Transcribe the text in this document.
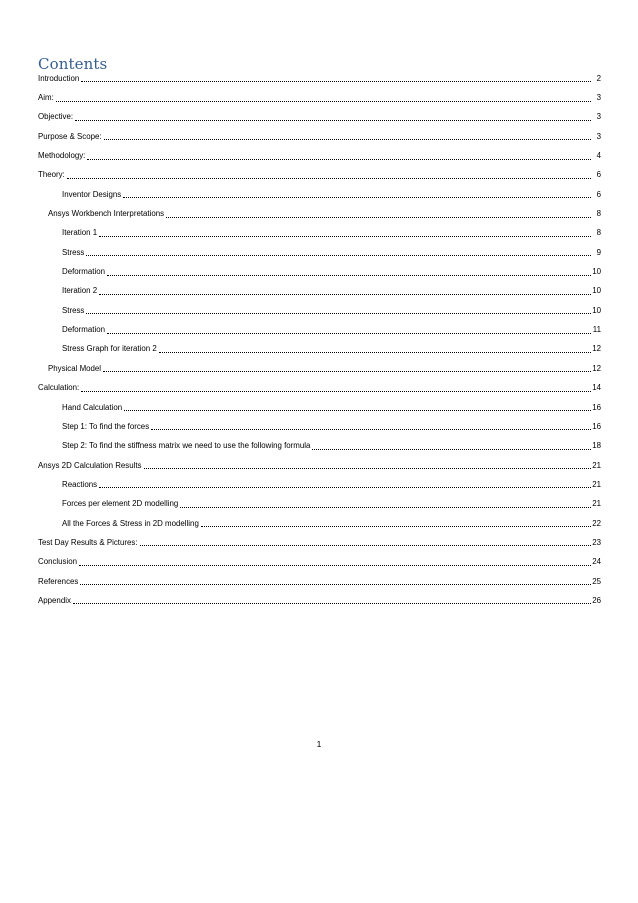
Contents
Introduction	2
Aim:	3
Objective:	3
Purpose & Scope:	3
Methodology:	4
Theory:	6
Inventor Designs	6
Ansys Workbench Interpretations	8
Iteration 1	8
Stress	9
Deformation	10
Iteration 2	10
Stress	10
Deformation	11
Stress Graph for iteration 2	12
Physical Model	12
Calculation:	14
Hand Calculation	16
Step 1: To find the forces	16
Step 2: To find the stiffness matrix we need to use the following formula	18
Ansys 2D Calculation Results	21
Reactions	21
Forces per element 2D modelling	21
All the Forces & Stress in 2D modelling	22
Test Day Results & Pictures:	23
Conclusion	24
References	25
Appendix	26
1
